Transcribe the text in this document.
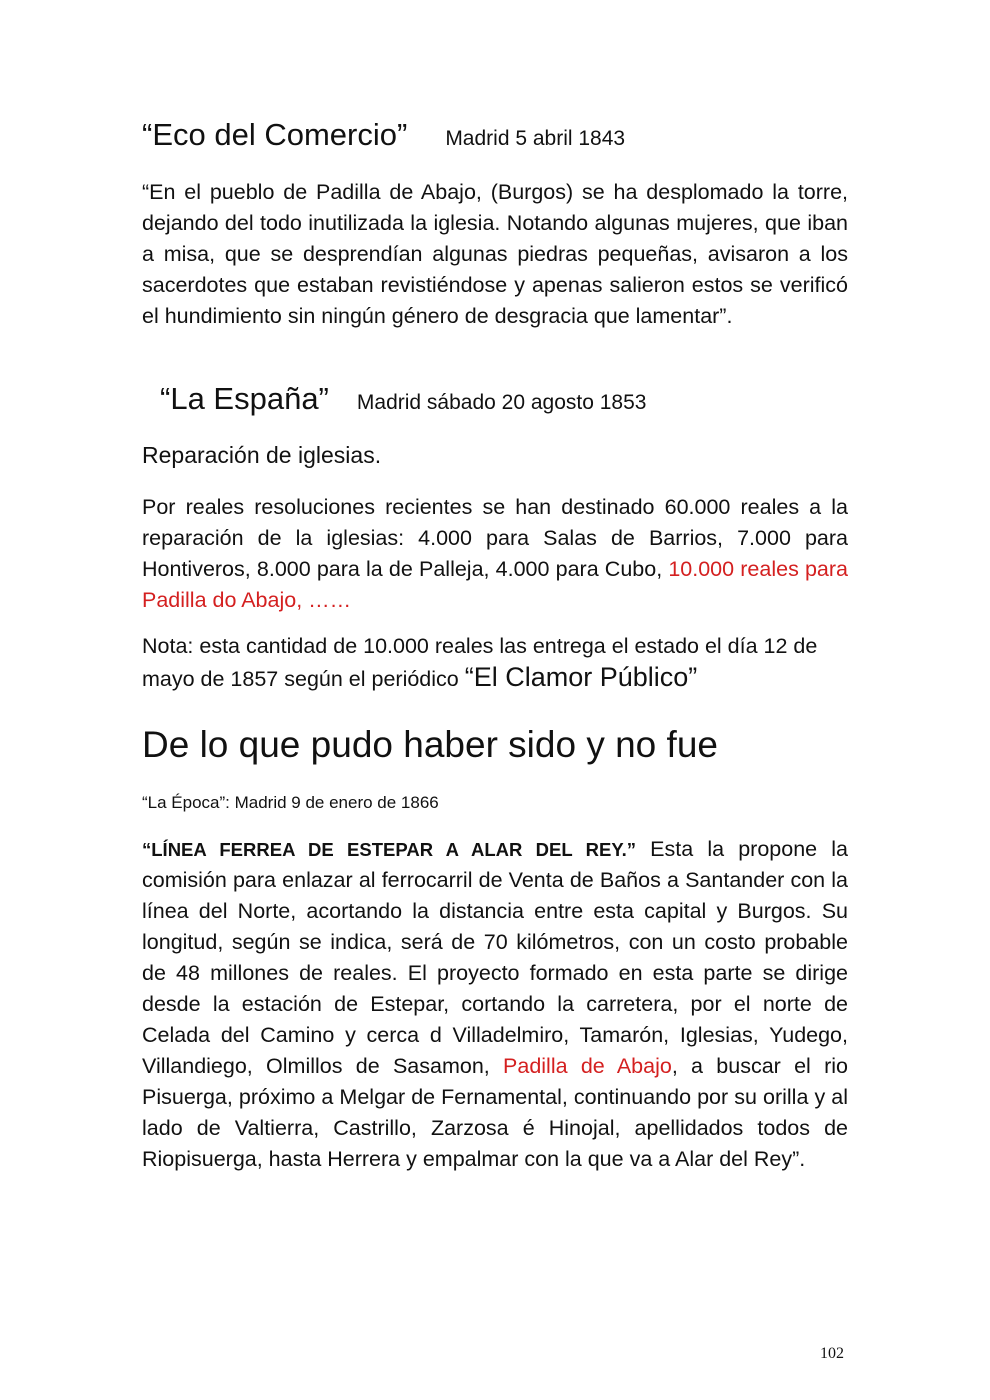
“Eco del Comercio” Madrid 5 abril 1843

“En el pueblo de Padilla de Abajo, (Burgos) se ha desplomado la torre, dejando del todo inutilizada la iglesia. Notando algunas mujeres, que iban a misa, que se desprendían algunas piedras pequeñas, avisaron a los sacerdotes que estaban revistiéndose y apenas salieron estos se verificó el hundimiento sin ningún género de desgracia que lamentar”.

“La España” Madrid sábado 20 agosto 1853
Reparación de iglesias.

Por reales resoluciones recientes se han destinado 60.000 reales a la reparación de la iglesias: 4.000 para Salas de Barrios, 7.000 para Hontiveros, 8.000 para la de Palleja, 4.000 para Cubo, 10.000 reales para Padilla do Abajo, ……

Nota: esta cantidad de 10.000 reales las entrega el estado el día 12 de mayo de 1857 según el periódico “El Clamor Público”
De lo que pudo haber sido y no fue
“La Época”: Madrid 9 de enero de 1866

“LÍNEA FERREA DE ESTEPAR A ALAR DEL REY.” Esta la propone la comisión para enlazar al ferrocarril de Venta de Baños a Santander con la línea del Norte, acortando la distancia entre esta capital y Burgos. Su longitud, según se indica, será de 70 kilómetros, con un costo probable de 48 millones de reales. El proyecto formado en esta parte se dirige desde la estación de Estepar, cortando la carretera, por el norte de Celada del Camino y cerca d Villadelmiro, Tamarón, Iglesias, Yudego, Villandiego, Olmillos de Sasamon, Padilla de Abajo, a buscar el rio Pisuerga, próximo a Melgar de Fernamental, continuando por su orilla y al lado de Valtierra, Castrillo, Zarzosa é Hinojal, apellidados todos de Riopisuerga, hasta Herrera y empalmar con la que va a Alar del Rey”.

102
